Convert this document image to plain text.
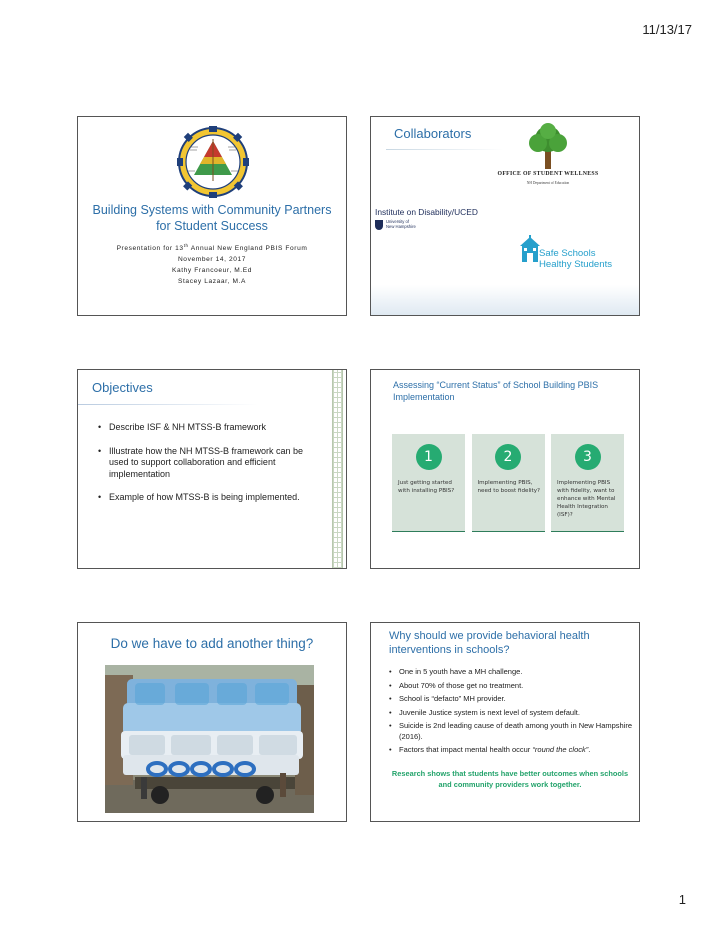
11/13/17
Building Systems with Community Partners for Student Success
Presentation for 13th Annual New England PBIS Forum
November 14, 2017
Kathy Francoeur, M.Ed
Stacey Lazaar, M.A
Collaborators
OFFICE OF STUDENT WELLNESS
NH Department of Education
Institute on Disability/UCED
University of
New Hampshire
Safe Schools
Healthy Students
Objectives
• Describe ISF & NH MTSS-B framework
• Illustrate how the NH MTSS-B framework can be used to support collaboration and efficient implementation
• Example of how MTSS-B is being implemented.
Assessing “Current Status” of School Building PBIS Implementation
1
Just getting started with installing PBIS?
2
Implementing PBIS, need to boost fidelity?
3
Implementing PBIS with fidelity, want to enhance with Mental Health Integration (ISF)?
Do we have to add another thing?	Why should we provide behavioral health interventions in schools?
• One in 5 youth have a MH challenge.
• About 70% of those get no treatment.
• School is “defacto” MH provider.
• Juvenile Justice system is next level of system default.
• Suicide is 2nd leading cause of death among youth in New Hampshire (2016).
• Factors that impact mental health occur “round the clock”.
Research shows that students have better outcomes when schools and community providers work together.
1
